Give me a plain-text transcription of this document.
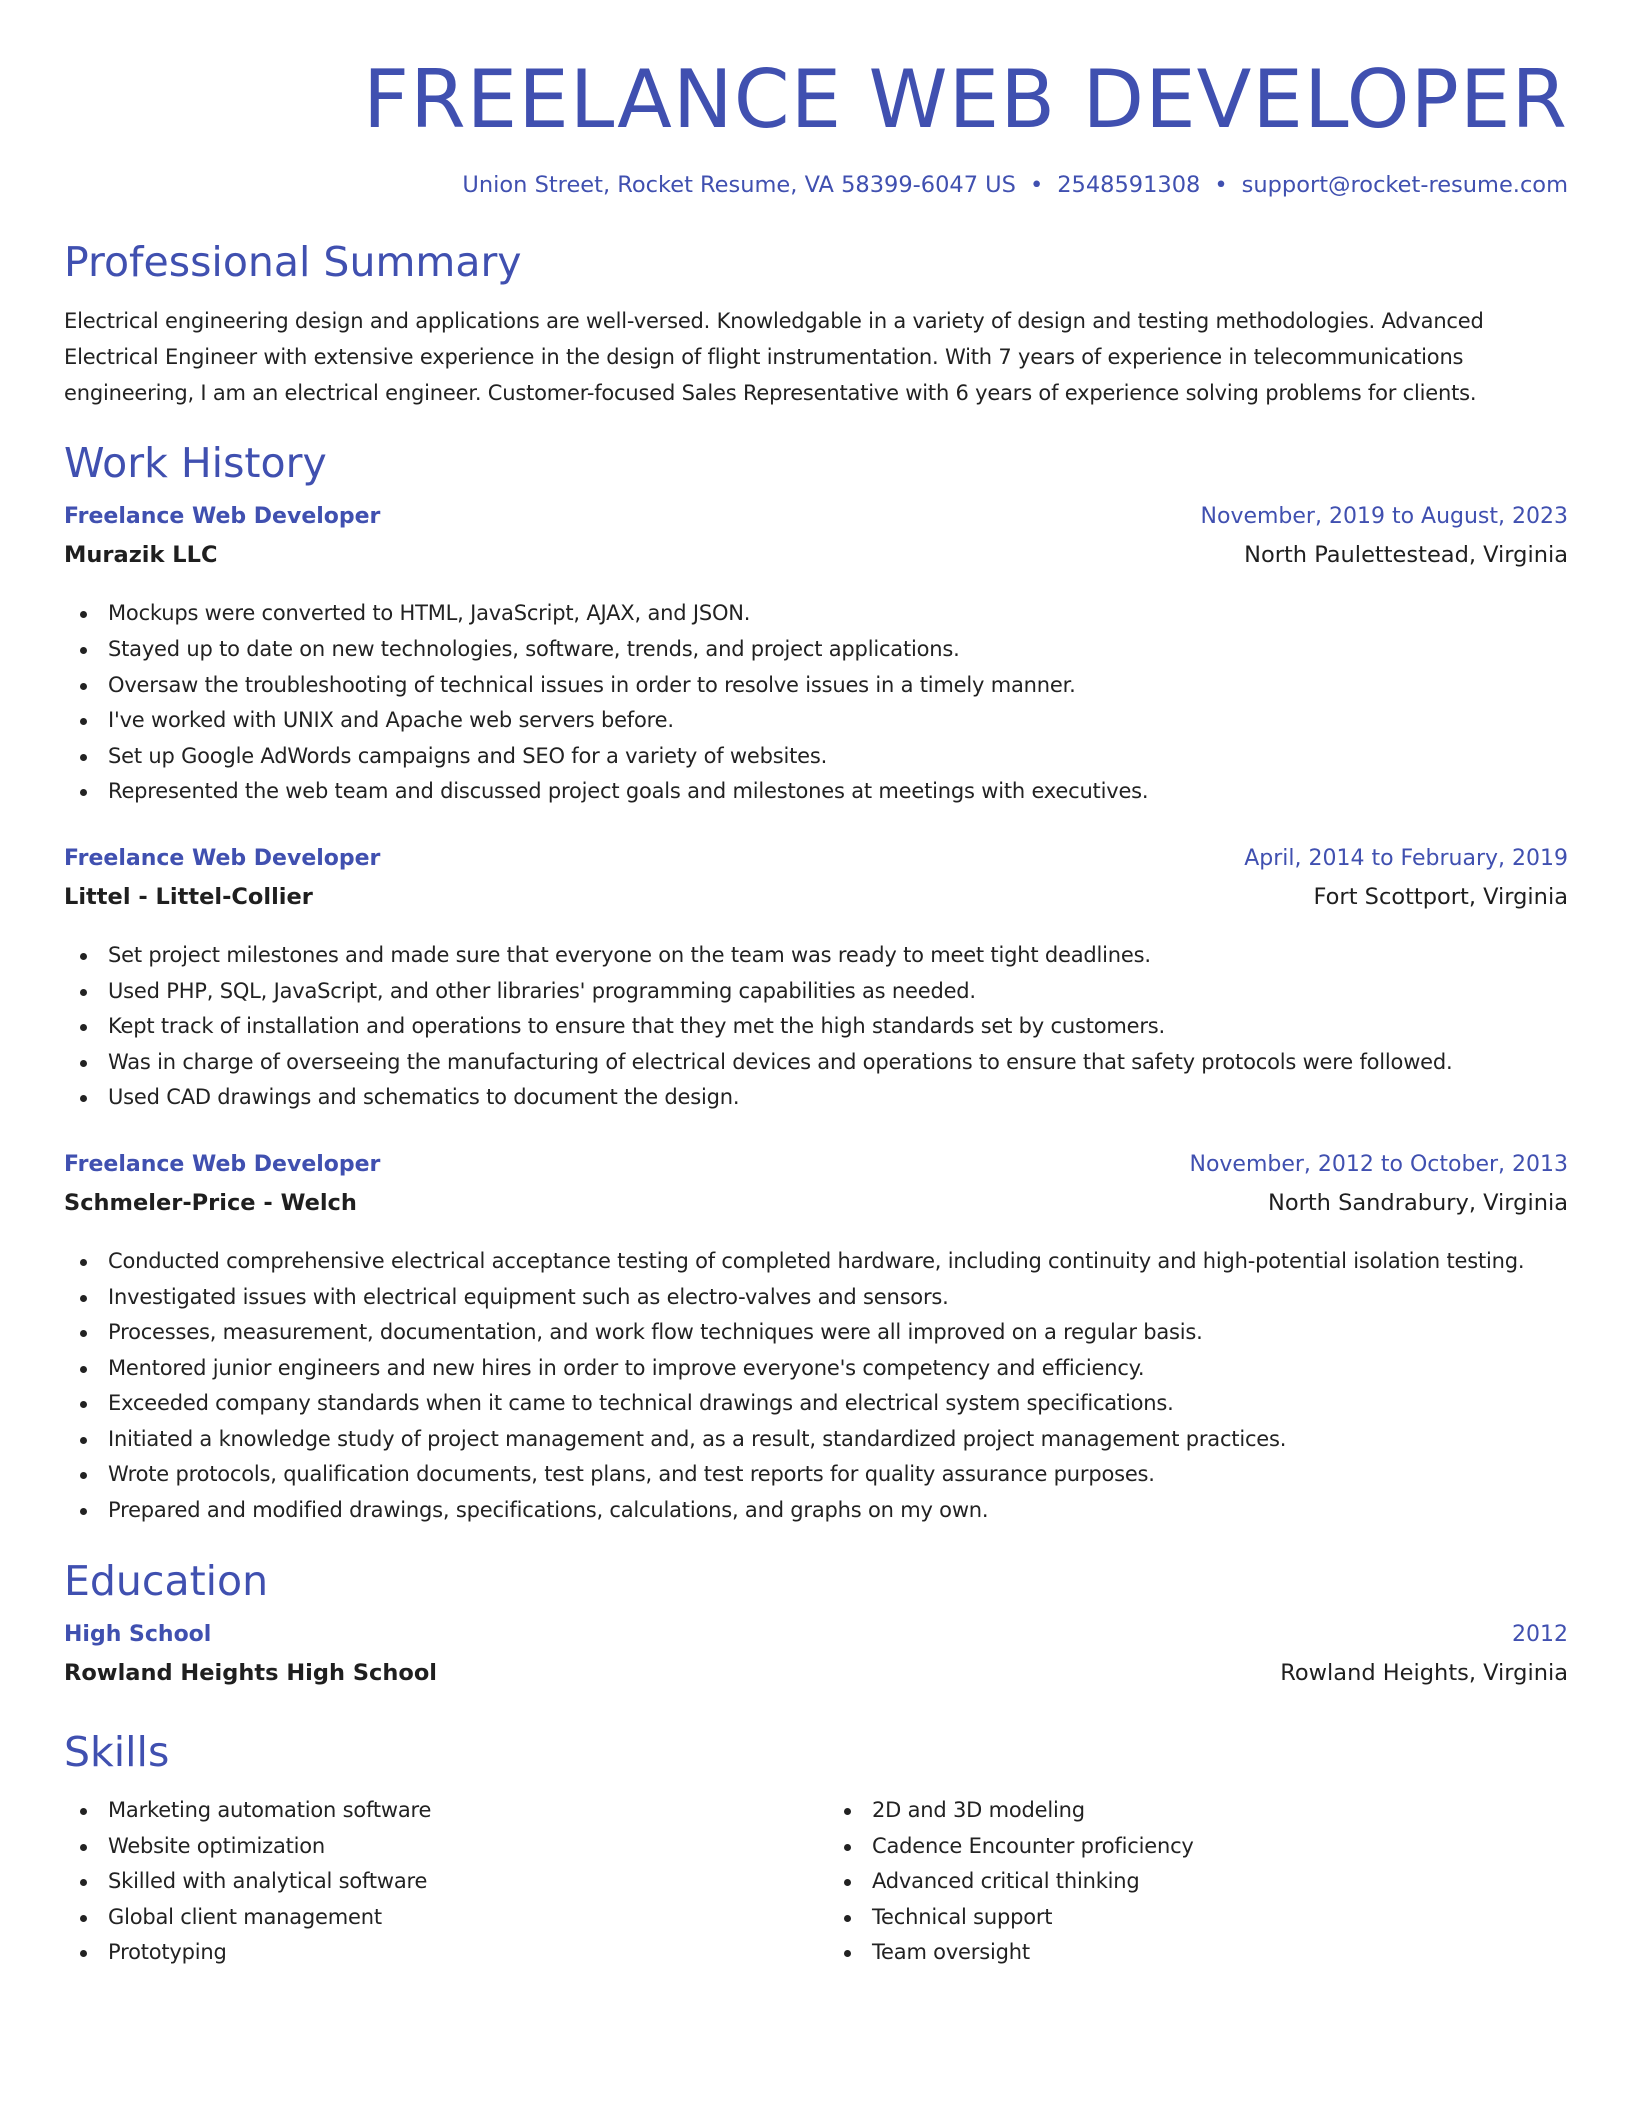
FREELANCE WEB DEVELOPER
Union Street, Rocket Resume, VA 58399-6047 US • 2548591308 • support@rocket-resume.com
Professional Summary

Electrical engineering design and applications are well-versed. Knowledgable in a variety of design and testing methodologies. Advanced Electrical Engineer with extensive experience in the design of flight instrumentation. With 7 years of experience in telecommunications engineering, I am an electrical engineer. Customer-focused Sales Representative with 6 years of experience solving problems for clients.

Work History
Freelance Web Developer	November, 2019 to August, 2023
Murazik LLC	North Paulettestead, Virginia
Mockups were converted to HTML, JavaScript, AJAX, and JSON.
Stayed up to date on new technologies, software, trends, and project applications.
Oversaw the troubleshooting of technical issues in order to resolve issues in a timely manner.
I've worked with UNIX and Apache web servers before.
Set up Google AdWords campaigns and SEO for a variety of websites.
Represented the web team and discussed project goals and milestones at meetings with executives.
Freelance Web Developer	April, 2014 to February, 2019
Littel - Littel-Collier	Fort Scottport, Virginia
Set project milestones and made sure that everyone on the team was ready to meet tight deadlines.
Used PHP, SQL, JavaScript, and other libraries' programming capabilities as needed.
Kept track of installation and operations to ensure that they met the high standards set by customers.
Was in charge of overseeing the manufacturing of electrical devices and operations to ensure that safety protocols were followed.
Used CAD drawings and schematics to document the design.
Freelance Web Developer	November, 2012 to October, 2013
Schmeler-Price - Welch	North Sandrabury, Virginia
Conducted comprehensive electrical acceptance testing of completed hardware, including continuity and high-potential isolation testing.
Investigated issues with electrical equipment such as electro-valves and sensors.
Processes, measurement, documentation, and work flow techniques were all improved on a regular basis.
Mentored junior engineers and new hires in order to improve everyone's competency and efficiency.
Exceeded company standards when it came to technical drawings and electrical system specifications.
Initiated a knowledge study of project management and, as a result, standardized project management practices.
Wrote protocols, qualification documents, test plans, and test reports for quality assurance purposes.
Prepared and modified drawings, specifications, calculations, and graphs on my own.
Education
High School	2012
Rowland Heights High School	Rowland Heights, Virginia
Skills
Marketing automation software
Website optimization
Skilled with analytical software
Global client management
Prototyping
2D and 3D modeling
Cadence Encounter proficiency
Advanced critical thinking
Technical support
Team oversight
